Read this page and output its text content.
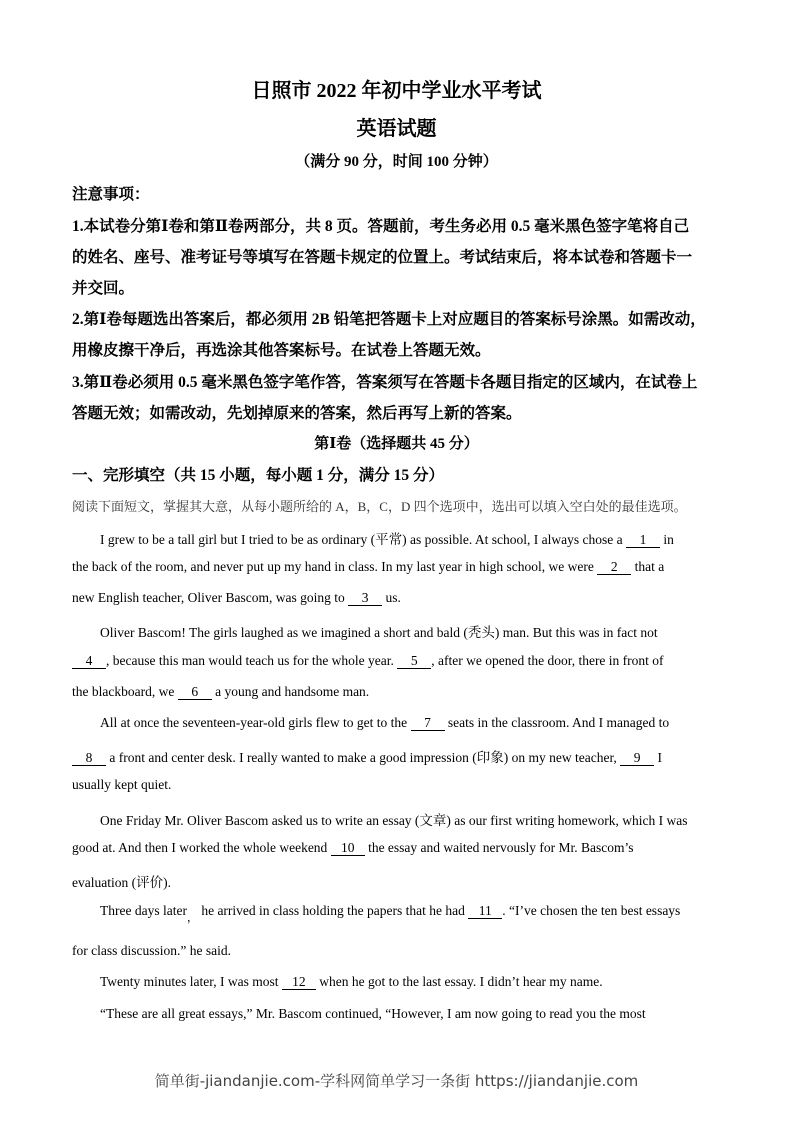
日照市 2022 年初中学业水平考试
英语试题
（满分 90 分，时间 100 分钟）
注意事项：
1.本试卷分第Ⅰ卷和第Ⅱ卷两部分，共 8 页。答题前，考生务必用 0.5 毫米黑色签字笔将自己
的姓名、座号、准考证号等填写在答题卡规定的位置上。考试结束后，将本试卷和答题卡一
并交回。
2.第Ⅰ卷每题选出答案后，都必须用 2B 铅笔把答题卡上对应题目的答案标号涂黑。如需改动，
用橡皮擦干净后，再选涂其他答案标号。在试卷上答题无效。
3.第Ⅱ卷必须用 0.5 毫米黑色签字笔作答，答案须写在答题卡各题目指定的区域内，在试卷上
答题无效；如需改动，先划掉原来的答案，然后再写上新的答案。
第Ⅰ卷（选择题共 45 分）
一、完形填空（共 15 小题，每小题 1 分，满分 15 分）
阅读下面短文，掌握其大意，从每小题所给的 A，B，C，D 四个选项中，选出可以填入空白处的最佳选项。
I grew to be a tall girl but I tried to be as ordinary (平常) as possible. At school, I always chose a 1 in
the back of the room, and never put up my hand in class. In my last year in high school, we were 2 that a
new English teacher, Oliver Bascom, was going to 3 us.
Oliver Bascom! The girls laughed as we imagined a short and bald (秃头) man. But this was in fact not
4 , because this man would teach us for the whole year. 5 , after we opened the door, there in front of
the blackboard, we 6 a young and handsome man.
All at once the seventeen-year-old girls flew to get to the 7 seats in the classroom. And I managed to
8 a front and center desk. I really wanted to make a good impression (印象) on my new teacher, 9 I
usually kept quiet.
One Friday Mr. Oliver Bascom asked us to write an essay (文章) as our first writing homework, which I was
good at. And then I worked the whole weekend 10 the essay and waited nervously for Mr. Bascom’s
evaluation (评价).
Three days later$_,$ he arrived in class holding the papers that he had 11 . “I’ve chosen the ten best essays
for class discussion.” he said.
Twenty minutes later, I was most 12 when he got to the last essay. I didn’t hear my name.
“These are all great essays,” Mr. Bascom continued, “However, I am now going to read you the most
简单街-jiandanjie.com-学科网简单学习一条街 https://jiandanjie.com
